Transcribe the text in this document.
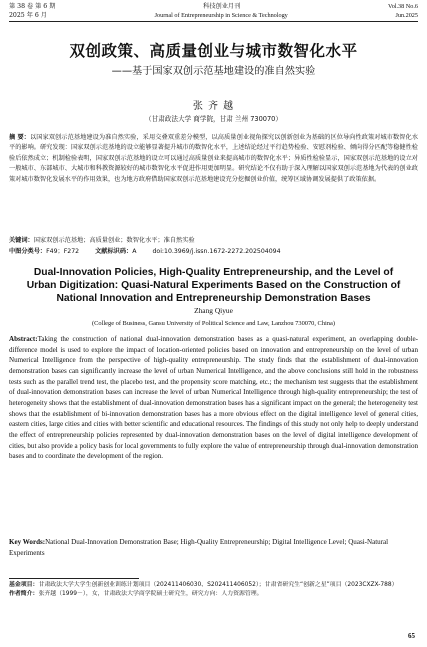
第 38 卷 第 6 期	科技创业月刊	Vol.38 No.6
2025 年 6 月	Journal of Entrepreneurship in Science & Technology	Jun.2025
双创政策、高质量创业与城市数智化水平
——基于国家双创示范基地建设的准自然实验
张 齐 越
（甘肃政法大学 商学院，甘肃 兰州 730070）
摘 要：以国家双创示范基地建设为准自然实验，采用交叠双重差分模型，以高质量创业视角探究以创新创业为基础的区位导向性政策对城市数智化水平的影响。研究发现：国家双创示范基地的设立能够显著提升城市的数智化水平，上述结论经过平行趋势检验、安慰剂检验、倾向得分匹配等稳健性检验后依然成立；机制检验表明，国家双创示范基地的设立可以通过高质量创业来提高城市的数智化水平；异质性检验显示，国家双创示范基地的设立对一般城市、东部城市、大城市和科教资源较好的城市数智化水平促进作用更加明显。研究结论不仅有助于深入理解以国家双创示范基地为代表的创业政策对城市数智化发展水平的作用效果，也为地方政府借助国家双创示范基地建设充分挖掘创业价值，统筹区域协调发展提供了政策依据。
关键词：国家双创示范基地；高质量创业；数智化水平；准自然实验
中图分类号：F49；F272	文献标识码：A	doi:10.3969/j.issn.1672-2272.202504094
Dual-Innovation Policies, High-Quality Entrepreneurship, and the Level of Urban Digitization: Quasi-Natural Experiments Based on the Construction of National Innovation and Entrepreneurship Demonstration Bases
Zhang Qiyue
(College of Business, Gansu University of Political Science and Law, Lanzhou 730070, China)
Abstract:Taking the construction of national dual-innovation demonstration bases as a quasi-natural experiment, an overlapping double-difference model is used to explore the impact of location-oriented policies based on innovation and entrepreneurship on the level of urban Numerical Intelligence from the perspective of high-quality entrepreneurship. The study finds that the establishment of dual-innovation demonstration bases can significantly increase the level of urban Numerical Intelligence, and the above conclusions still hold in the robustness tests such as the parallel trend test, the placebo test, and the propensity score matching, etc.; the mechanism test suggests that the establishment of dual-innovation demonstration bases can increase the level of urban Numerical Intelligence through high-quality entrepreneurship; the test of heterogeneity shows that the establishment of dual-innovation demonstration bases has a significant impact on the general; the heterogeneity test shows that the establishment of bi-innovation demonstration bases has a more obvious effect on the digital intelligence level of general cities, eastern cities, large cities and cities with better scientific and educational resources. The findings of this study not only help to deeply understand the effect of entrepreneurship policies represented by dual-innovation demonstration bases on the level of digital intelligence development of cities, but also provide a policy basis for local governments to fully explore the value of entrepreneurship through dual-innovation demonstration bases and to coordinate the development of the region.
Key Words:National Dual-Innovation Demonstration Base; High-Quality Entrepreneurship; Digital Intelligence Level; Quasi-Natural Experiments
基金项目：甘肃政法大学大学生创新创业训练计划项目（202411406030、S202411406052）；甘肃省研究生“创新之星”项目（2023CXZX-788）
作者简介：张齐越（1999－），女，甘肃政法大学商学院硕士研究生，研究方向：人力资源管理。
65
